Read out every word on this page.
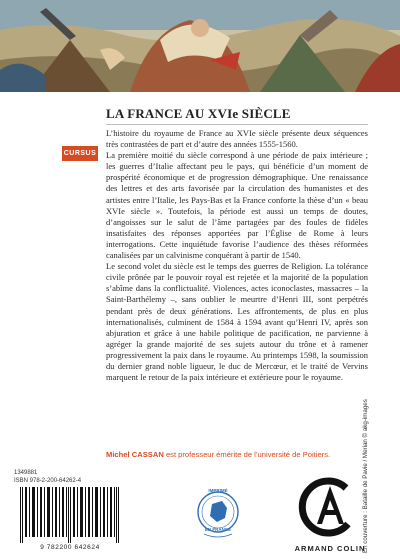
LA FRANCE AU XVIe SIÈCLE
CURSUS

L’histoire du royaume de France au XVIe siècle présente deux séquences très contrastées de part et d’autre des années 1555-1560.

La première moitié du siècle correspond à une période de paix intérieure ; les guerres d’Italie affectant peu le pays, qui bénéficie d’un moment de prospérité économique et de progression démographique. Une renaissance des lettres et des arts favorisée par la circulation des humanistes et des artistes entre l’Italie, les Pays-Bas et la France conforte la thèse d’un « beau XVIe siècle ». Toutefois, la période est aussi un temps de doutes, d’angoisses sur le salut de l’âme partagées par des foules de fidèles insatisfaites des réponses apportées par l’Église de Rome à leurs interrogations. Cette inquiétude favorise l’audience des thèses réformées canalisées par un calvinisme conquérant à partir de 1540.

Le second volet du siècle est le temps des guerres de Religion. La tolérance civile prônée par le pouvoir royal est rejetée et la majorité de la population s’abîme dans la conflictualité. Violences, actes iconoclastes, massacres – la Saint-Barthélemy –, sans oublier le meurtre d’Henri III, sont perpétrés pendant près de deux générations. Les affrontements, de plus en plus internationalisés, culminent de 1584 à 1594 avant qu’Henri IV, après son abjuration et grâce à une habile politique de pacification, ne parvienne à agréger la grande majorité de ses sujets autour du trône et à ramener progressivement la paix dans le royaume. Au printemps 1598, la soumission du dernier grand noble ligueur, le duc de Mercœur, et le traité de Vervins marquent le retour de la paix intérieure et extérieure pour le royaume.

Michel CASSAN est professeur émérite de l’université de Poitiers.	En couverture : Bataille de Pavie / Merian © akg-images
1349881
ISBN 978-2-200-64262-4
9 782200 642624
IMPRIMÉ
EN FRANCE
ARMAND COLIN
